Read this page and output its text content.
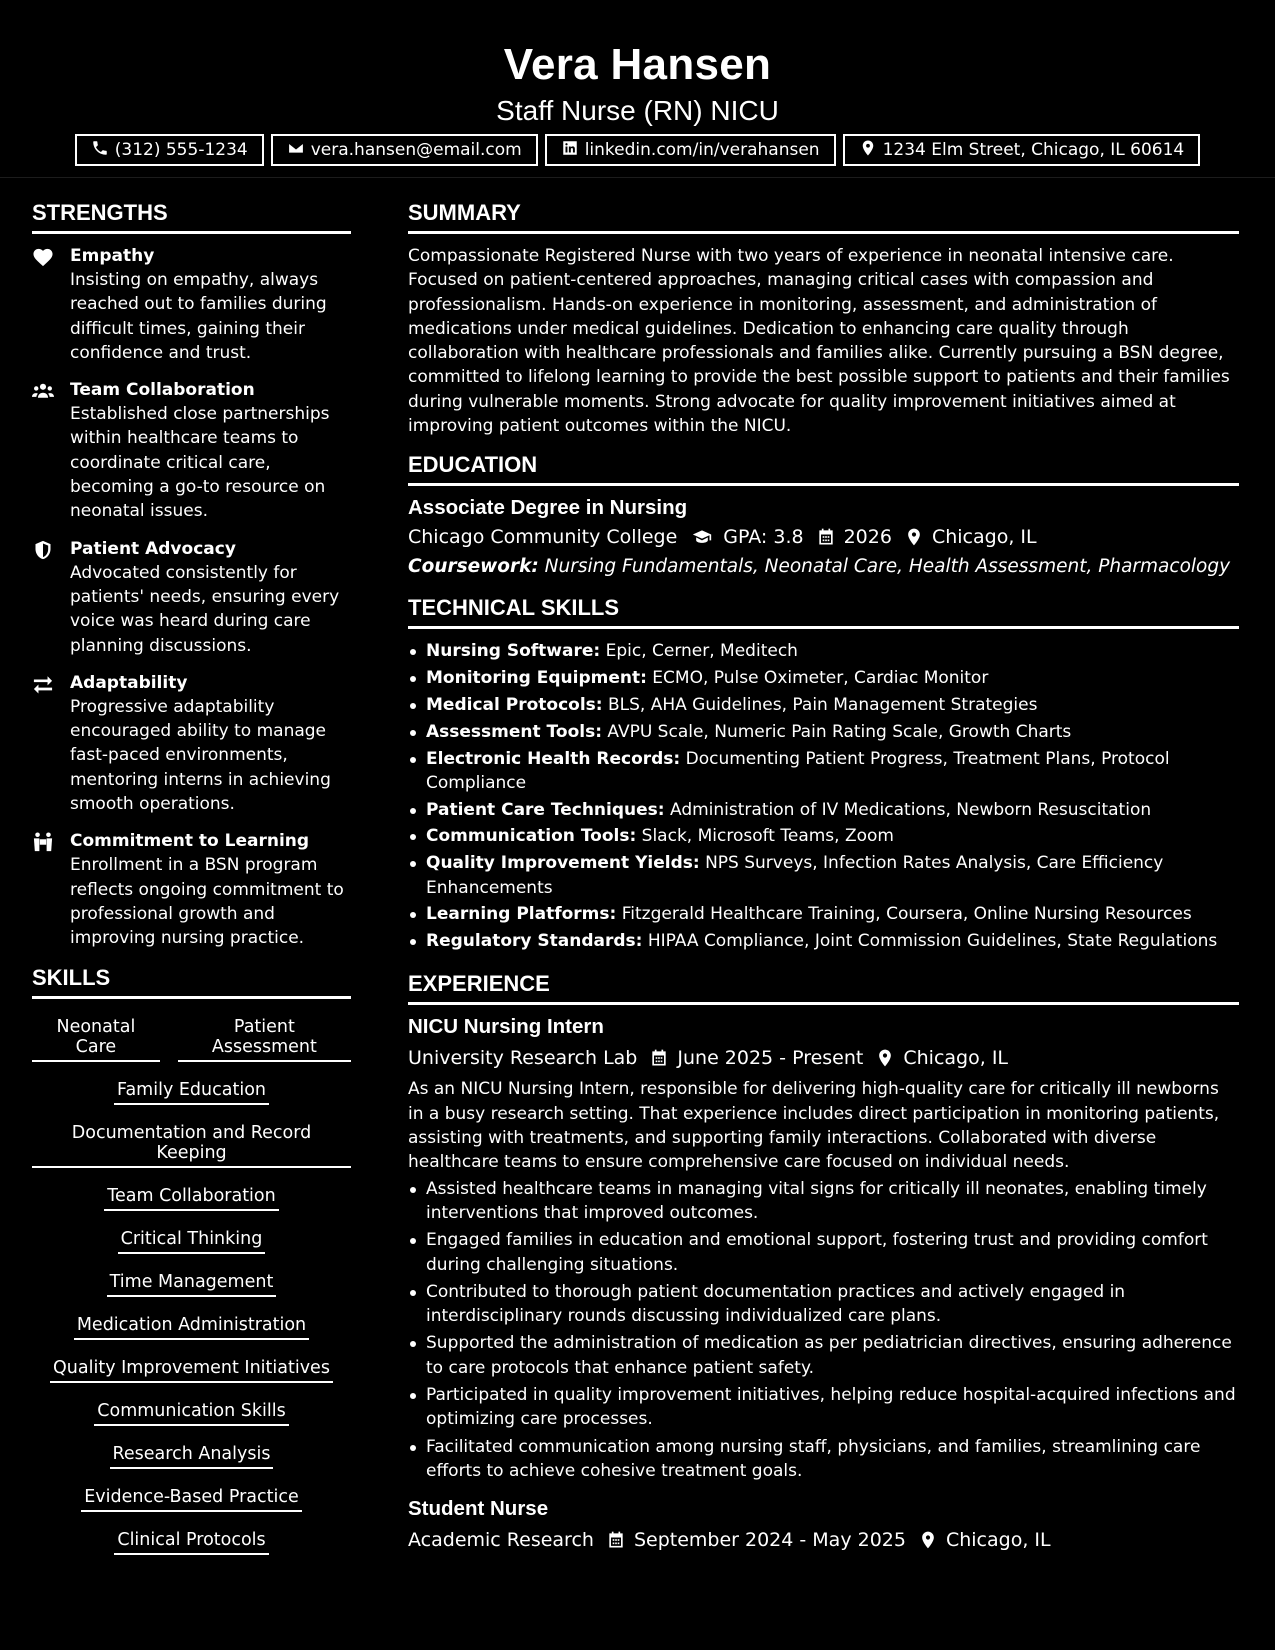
Vera Hansen
Staff Nurse (RN) NICU
(312) 555-1234	vera.hansen@email.com	linkedin.com/in/verahansen	1234 Elm Street, Chicago, IL 60614
STRENGTHS
Empathy
Insisting on empathy, always reached out to families during difficult times, gaining their confidence and trust.
Team Collaboration
Established close partnerships within healthcare teams to coordinate critical care, becoming a go-to resource on neonatal issues.
Patient Advocacy
Advocated consistently for patients' needs, ensuring every voice was heard during care planning discussions.
Adaptability
Progressive adaptability encouraged ability to manage fast-paced environments, mentoring interns in achieving smooth operations.
Commitment to Learning
Enrollment in a BSN program reflects ongoing commitment to professional growth and improving nursing practice.
SKILLS
Neonatal Care
Patient Assessment
Family Education
Documentation and Record Keeping
Team Collaboration
Critical Thinking
Time Management
Medication Administration
Quality Improvement Initiatives
Communication Skills
Research Analysis
Evidence-Based Practice
Clinical Protocols
SUMMARY
Compassionate Registered Nurse with two years of experience in neonatal intensive care. Focused on patient-centered approaches, managing critical cases with compassion and professionalism. Hands-on experience in monitoring, assessment, and administration of medications under medical guidelines. Dedication to enhancing care quality through collaboration with healthcare professionals and families alike. Currently pursuing a BSN degree, committed to lifelong learning to provide the best possible support to patients and their families during vulnerable moments. Strong advocate for quality improvement initiatives aimed at improving patient outcomes within the NICU.
EDUCATION
Associate Degree in Nursing
Chicago Community College GPA: 3.8 2026 Chicago, IL
Coursework: Nursing Fundamentals, Neonatal Care, Health Assessment, Pharmacology
TECHNICAL SKILLS
Nursing Software: Epic, Cerner, Meditech
Monitoring Equipment: ECMO, Pulse Oximeter, Cardiac Monitor
Medical Protocols: BLS, AHA Guidelines, Pain Management Strategies
Assessment Tools: AVPU Scale, Numeric Pain Rating Scale, Growth Charts
Electronic Health Records: Documenting Patient Progress, Treatment Plans, Protocol Compliance
Patient Care Techniques: Administration of IV Medications, Newborn Resuscitation
Communication Tools: Slack, Microsoft Teams, Zoom
Quality Improvement Yields: NPS Surveys, Infection Rates Analysis, Care Efficiency Enhancements
Learning Platforms: Fitzgerald Healthcare Training, Coursera, Online Nursing Resources
Regulatory Standards: HIPAA Compliance, Joint Commission Guidelines, State Regulations
EXPERIENCE
NICU Nursing Intern
University Research Lab June 2025 - Present Chicago, IL
As an NICU Nursing Intern, responsible for delivering high-quality care for critically ill newborns in a busy research setting. That experience includes direct participation in monitoring patients, assisting with treatments, and supporting family interactions. Collaborated with diverse healthcare teams to ensure comprehensive care focused on individual needs.
Assisted healthcare teams in managing vital signs for critically ill neonates, enabling timely interventions that improved outcomes.
Engaged families in education and emotional support, fostering trust and providing comfort during challenging situations.
Contributed to thorough patient documentation practices and actively engaged in interdisciplinary rounds discussing individualized care plans.
Supported the administration of medication as per pediatrician directives, ensuring adherence to care protocols that enhance patient safety.
Participated in quality improvement initiatives, helping reduce hospital-acquired infections and optimizing care processes.
Facilitated communication among nursing staff, physicians, and families, streamlining care efforts to achieve cohesive treatment goals.
Student Nurse
Academic Research September 2024 - May 2025 Chicago, IL
